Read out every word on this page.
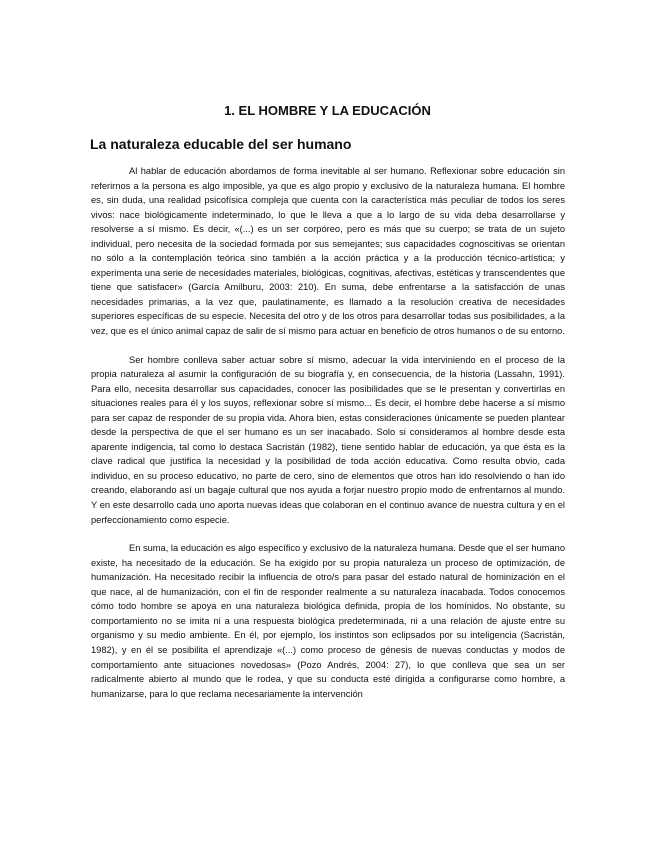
1. EL HOMBRE Y LA EDUCACIÓN
La naturaleza educable del ser humano

Al hablar de educación abordamos de forma inevitable al ser humano. Reflexionar sobre educación sin referirnos a la persona es algo imposible, ya que es algo propio y exclusivo de la naturaleza humana. El hombre es, sin duda, una realidad psicofísica compleja que cuenta con la característica más peculiar de todos los seres vivos: nace biológicamente indeterminado, lo que le lleva a que a lo largo de su vida deba desarrollarse y resolverse a sí mismo. Es decir, «(...) es un ser corpóreo, pero es más que su cuerpo; se trata de un sujeto individual, pero necesita de la sociedad formada por sus semejantes; sus capacidades cognoscitivas se orientan no sólo a la contemplación teórica sino también a la acción práctica y a la producción técnico-artística; y experimenta una serie de necesidades materiales, biológicas, cognitivas, afectivas, estéticas y transcendentes que tiene que satisfacer» (García Amilburu, 2003: 210). En suma, debe enfrentarse a la satisfacción de unas necesidades primarias, a la vez que, paulatinamente, es llamado a la resolución creativa de necesidades superiores específicas de su especie. Necesita del otro y de los otros para desarrollar todas sus posibilidades, a la vez, que es el único animal capaz de salir de sí mismo para actuar en beneficio de otros humanos o de su entorno.

Ser hombre conlleva saber actuar sobre sí mismo, adecuar la vida interviniendo en el proceso de la propia naturaleza al asumir la configuración de su biografía y, en consecuencia, de la historia (Lassahn, 1991). Para ello, necesita desarrollar sus capacidades, conocer las posibilidades que se le presentan y convertirlas en situaciones reales para él y los suyos, reflexionar sobre sí mismo... Es decir, el hombre debe hacerse a sí mismo para ser capaz de responder de su propia vida. Ahora bien, estas consideraciones únicamente se pueden plantear desde la perspectiva de que el ser humano es un ser inacabado. Solo si consideramos al hombre desde esta aparente indigencia, tal como lo destaca Sacristán (1982), tiene sentido hablar de educación, ya que ésta es la clave radical que justifica la necesidad y la posibilidad de toda acción educativa. Como resulta obvio, cada individuo, en su proceso educativo, no parte de cero, sino de elementos que otros han ido resolviendo o han ido creando, elaborando así un bagaje cultural que nos ayuda a forjar nuestro propio modo de enfrentarnos al mundo. Y en este desarrollo cada uno aporta nuevas ideas que colaboran en el continuo avance de nuestra cultura y en el perfeccionamiento como especie.

En suma, la educación es algo específico y exclusivo de la naturaleza humana. Desde que el ser humano existe, ha necesitado de la educación. Se ha exigido por su propia naturaleza un proceso de optimización, de humanización. Ha necesitado recibir la influencia de otro/s para pasar del estado natural de hominización en el que nace, al de humanización, con el fin de responder realmente a su naturaleza inacabada. Todos conocemos cómo todo hombre se apoya en una naturaleza biológica definida, propia de los homínidos. No obstante, su comportamiento no se imita ni a una respuesta biológica predeterminada, ni a una relación de ajuste entre su organismo y su medio ambiente. En él, por ejemplo, los instintos son eclipsados por su inteligencia (Sacristán, 1982), y en él se posibilita el aprendizaje «(...) como proceso de génesis de nuevas conductas y modos de comportamiento ante situaciones novedosas» (Pozo Andrés, 2004: 27), lo que conlleva que sea un ser radicalmente abierto al mundo que le rodea, y que su conducta esté dirigida a configurarse como hombre, a humanizarse, para lo que reclama necesariamente la intervención
